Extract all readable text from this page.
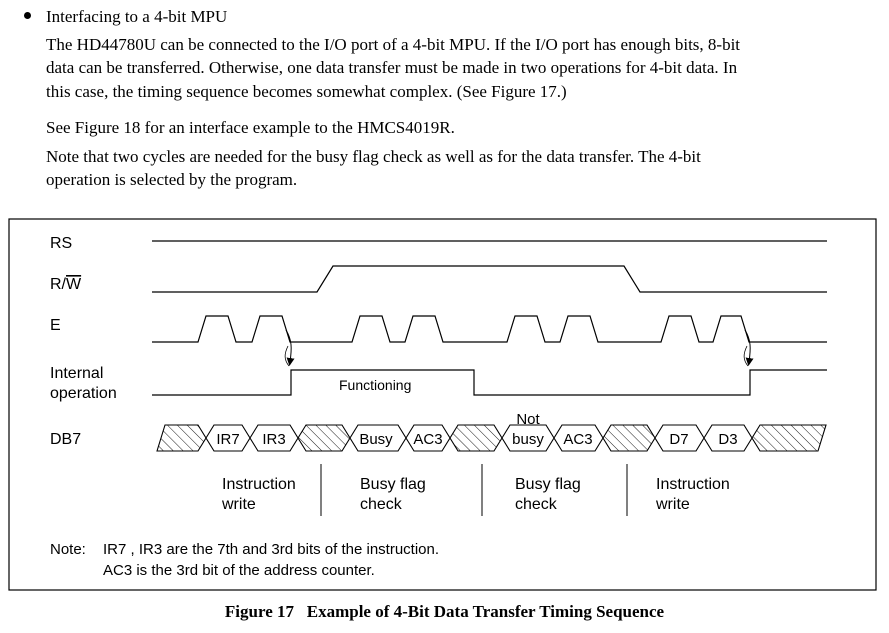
Interfacing to a 4-bit MPU
The HD44780U can be connected to the I/O port of a 4-bit MPU. If the I/O port has enough bits, 8-bit
data can be transferred. Otherwise, one data transfer must be made in two operations for 4-bit data. In
this case, the timing sequence becomes somewhat complex. (See Figure 17.)
See Figure 18 for an interface example to the HMCS4019R.
Note that two cycles are needed for the busy flag check as well as for the data transfer. The 4-bit
operation is selected by the program.
RS
R/W
E
Internal
operation
DB7
Functioning
IR7 IR3	Busy AC3
Not
busy AC3	D7 D3
Instruction
write
Busy flag
check
Busy flag
check
Instruction
write
Note: IR7 , IR3 are the 7th and 3rd bits of the instruction.
AC3 is the 3rd bit of the address counter.
Figure 17   Example of 4-Bit Data Transfer Timing Sequence
